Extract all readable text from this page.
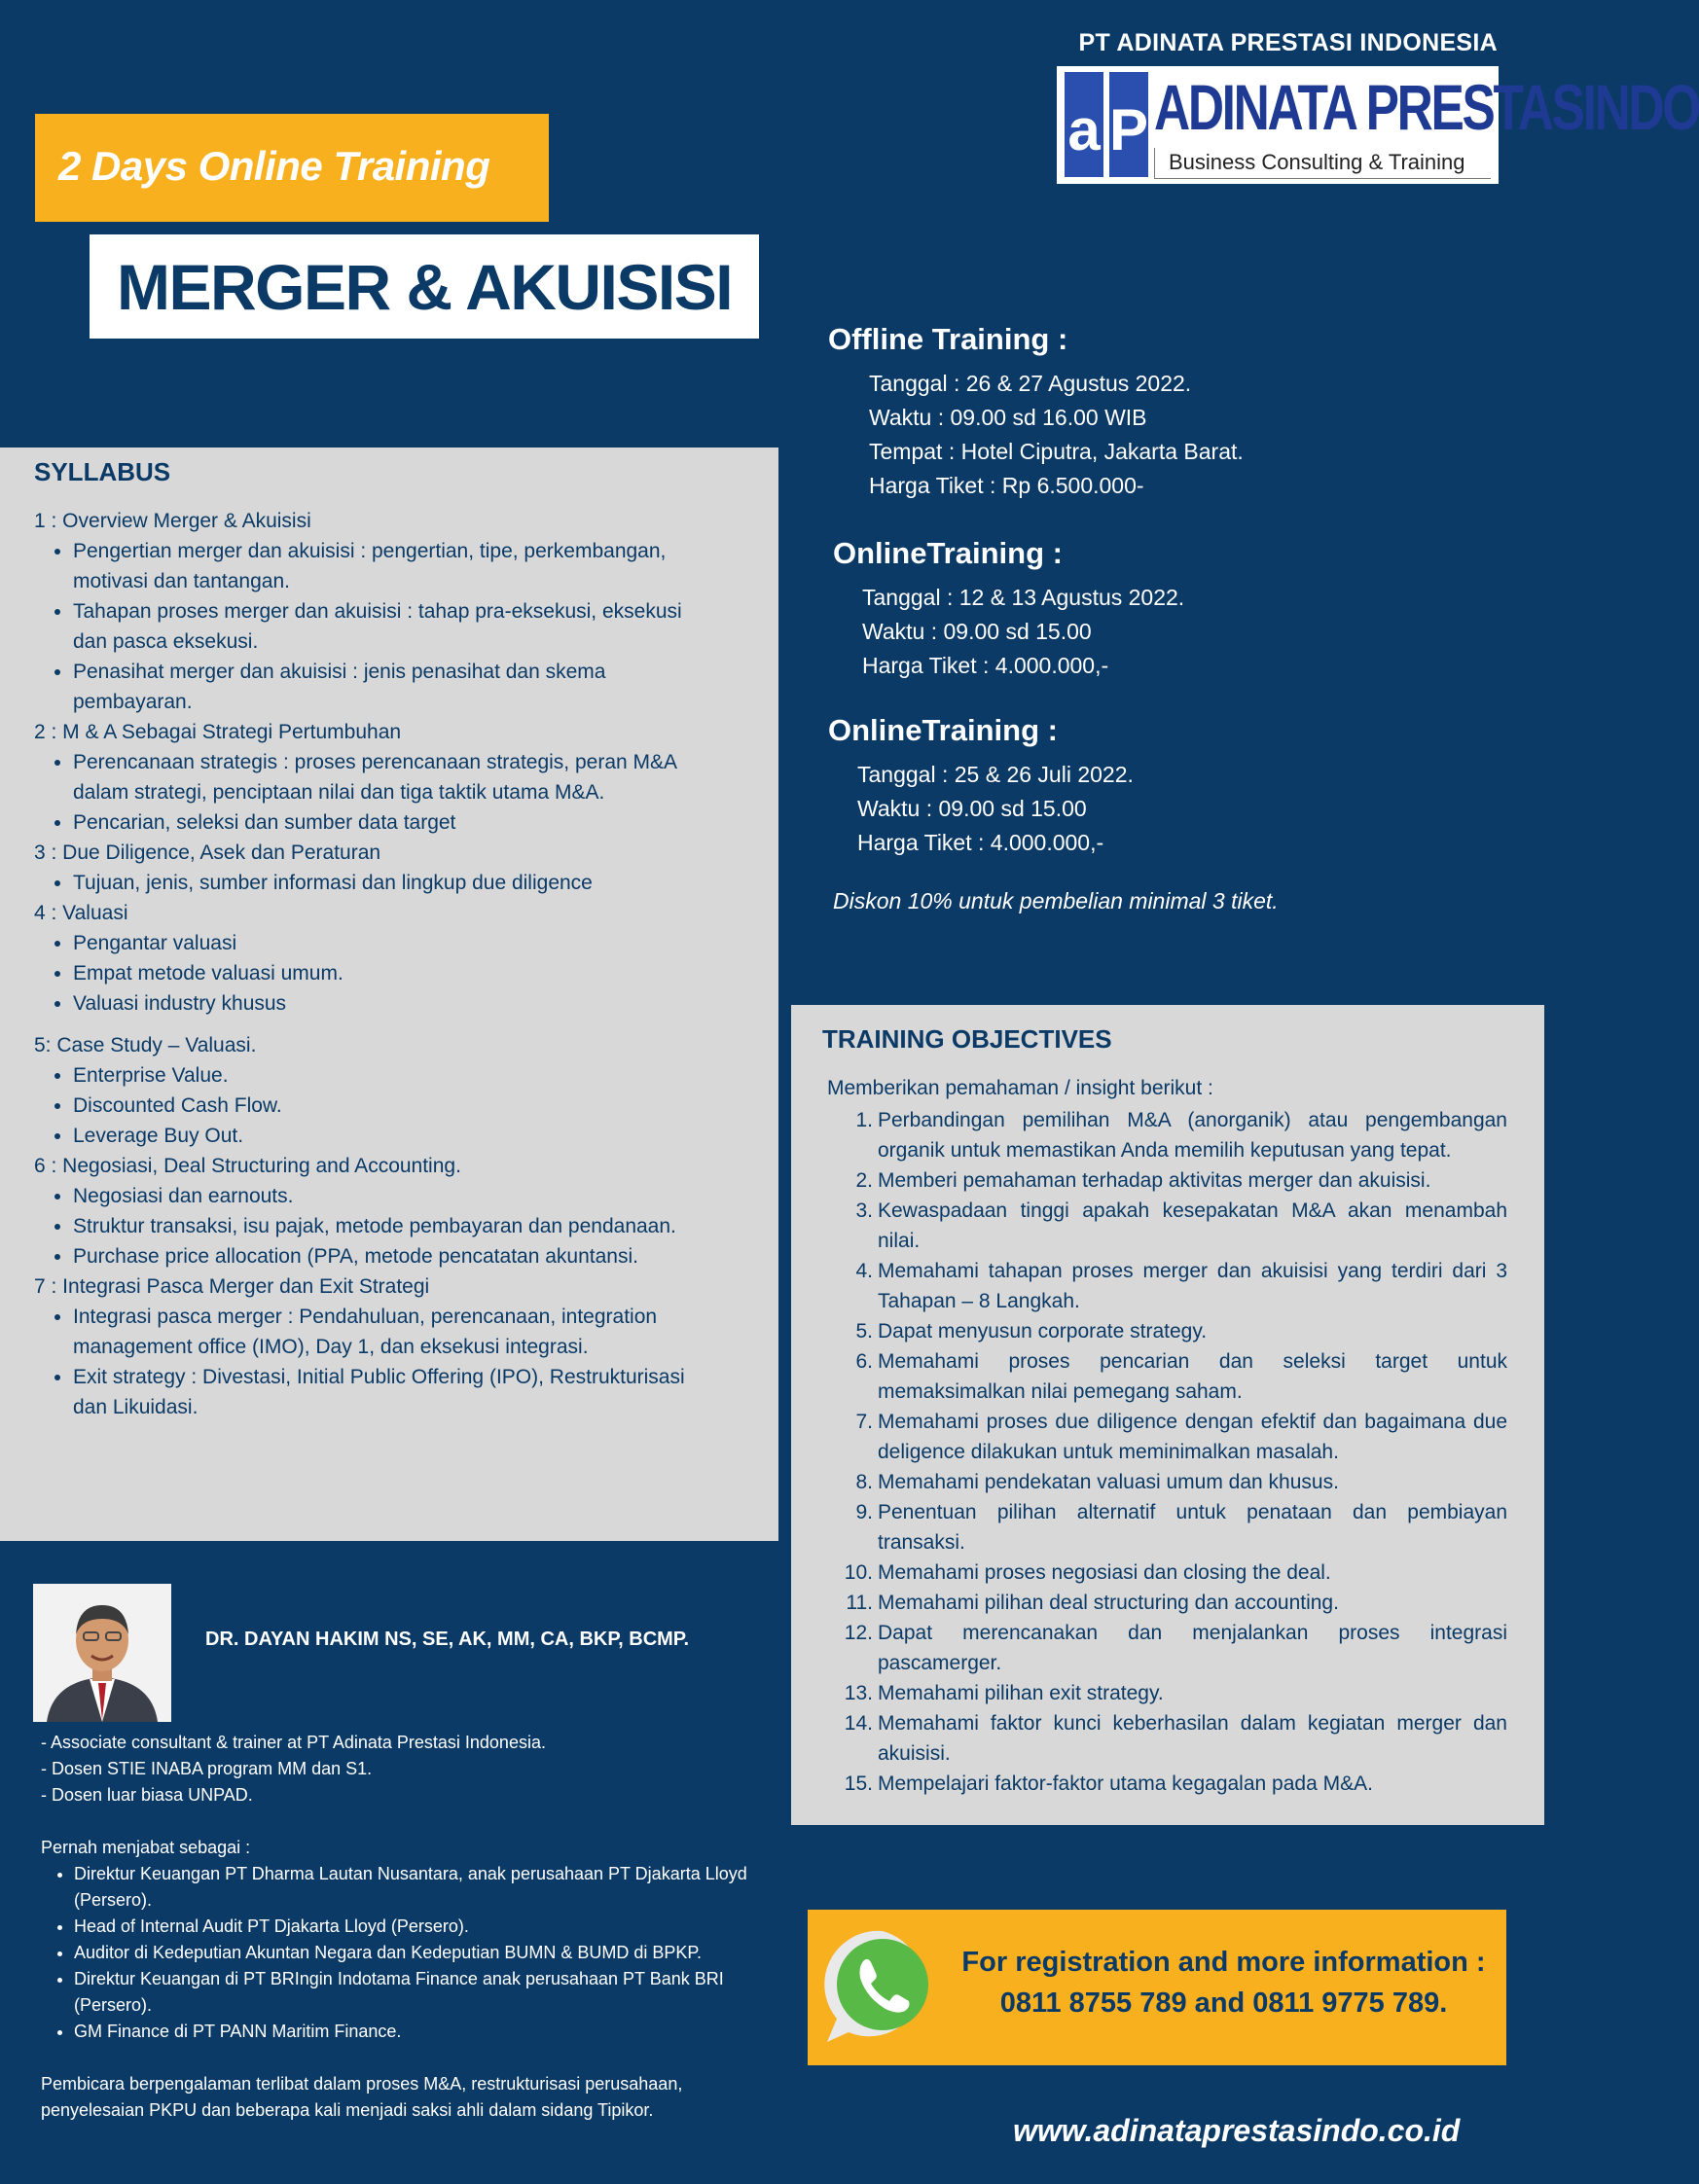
PT ADINATA PRESTASI INDONESIA
a P ADINATA PRESTASINDO
Business Consulting & Training
2 Days Online Training
MERGER & AKUISISI
Offline Training :
Tanggal : 26 & 27 Agustus 2022.
Waktu : 09.00 sd 16.00 WIB
Tempat : Hotel Ciputra, Jakarta Barat.
Harga Tiket : Rp 6.500.000-
OnlineTraining :
Tanggal : 12 & 13 Agustus 2022.
Waktu : 09.00 sd 15.00
Harga Tiket : 4.000.000,-
OnlineTraining :
Tanggal : 25 & 26 Juli 2022.
Waktu : 09.00 sd 15.00
Harga Tiket : 4.000.000,-
Diskon 10% untuk pembelian minimal 3 tiket.
SYLLABUS
1 : Overview Merger & Akuisisi
• Pengertian merger dan akuisisi : pengertian, tipe, perkembangan, motivasi dan tantangan.
• Tahapan proses merger dan akuisisi : tahap pra-eksekusi, eksekusi dan pasca eksekusi.
• Penasihat merger dan akuisisi : jenis penasihat dan skema pembayaran.
2 : M & A Sebagai Strategi Pertumbuhan
• Perencanaan strategis : proses perencanaan strategis, peran M&A dalam strategi, penciptaan nilai dan tiga taktik utama M&A.
• Pencarian, seleksi dan sumber data target
3 : Due Diligence, Asek dan Peraturan
• Tujuan, jenis, sumber informasi dan lingkup due diligence
4 : Valuasi
• Pengantar valuasi
• Empat metode valuasi umum.
• Valuasi industry khusus
5: Case Study – Valuasi.
• Enterprise Value.
• Discounted Cash Flow.
• Leverage Buy Out.
6 : Negosiasi, Deal Structuring and Accounting.
• Negosiasi dan earnouts.
• Struktur transaksi, isu pajak, metode pembayaran dan pendanaan.
• Purchase price allocation (PPA, metode pencatatan akuntansi.
7 : Integrasi Pasca Merger dan Exit Strategi
• Integrasi pasca merger : Pendahuluan, perencanaan, integration management office (IMO), Day 1, dan eksekusi integrasi.
• Exit strategy : Divestasi, Initial Public Offering (IPO), Restrukturisasi dan Likuidasi.
TRAINING OBJECTIVES
Memberikan pemahaman / insight berikut :
1. Perbandingan pemilihan M&A (anorganik) atau pengembangan organik untuk memastikan Anda memilih keputusan yang tepat.
2. Memberi pemahaman terhadap aktivitas merger dan akuisisi.
3. Kewaspadaan tinggi apakah kesepakatan M&A akan menambah nilai.
4. Memahami tahapan proses merger dan akuisisi yang terdiri dari 3 Tahapan – 8 Langkah.
5. Dapat menyusun corporate strategy.
6. Memahami proses pencarian dan seleksi target untuk memaksimalkan nilai pemegang saham.
7. Memahami proses due diligence dengan efektif dan bagaimana due deligence dilakukan untuk meminimalkan masalah.
8. Memahami pendekatan valuasi umum dan khusus.
9. Penentuan pilihan alternatif untuk penataan dan pembiayan transaksi.
10. Memahami proses negosiasi dan closing the deal.
11. Memahami pilihan deal structuring dan accounting.
12. Dapat merencanakan dan menjalankan proses integrasi pascamerger.
13. Memahami pilihan exit strategy.
14. Memahami faktor kunci keberhasilan dalam kegiatan merger dan akuisisi.
15. Mempelajari faktor-faktor utama kegagalan pada M&A.
DR. DAYAN HAKIM NS, SE, AK, MM, CA, BKP, BCMP.

- Associate consultant & trainer at PT Adinata Prestasi Indonesia.

- Dosen STIE INABA program MM dan S1.

- Dosen luar biasa UNPAD.

Pernah menjabat sebagai :

• Direktur Keuangan PT Dharma Lautan Nusantara, anak perusahaan PT Djakarta Lloyd (Persero).
• Head of Internal Audit PT Djakarta Lloyd (Persero).
• Auditor di Kedeputian Akuntan Negara dan Kedeputian BUMN & BUMD di BPKP.
• Direktur Keuangan di PT BRIngin Indotama Finance anak perusahaan PT Bank BRI (Persero).
• GM Finance di PT PANN Maritim Finance.

Pembicara berpengalaman terlibat dalam proses M&A, restrukturisasi perusahaan, penyelesaian PKPU dan beberapa kali menjadi saksi ahli dalam sidang Tipikor.

For registration and more information :
0811 8755 789 and 0811 9775 789.
www.adinataprestasindo.co.id
